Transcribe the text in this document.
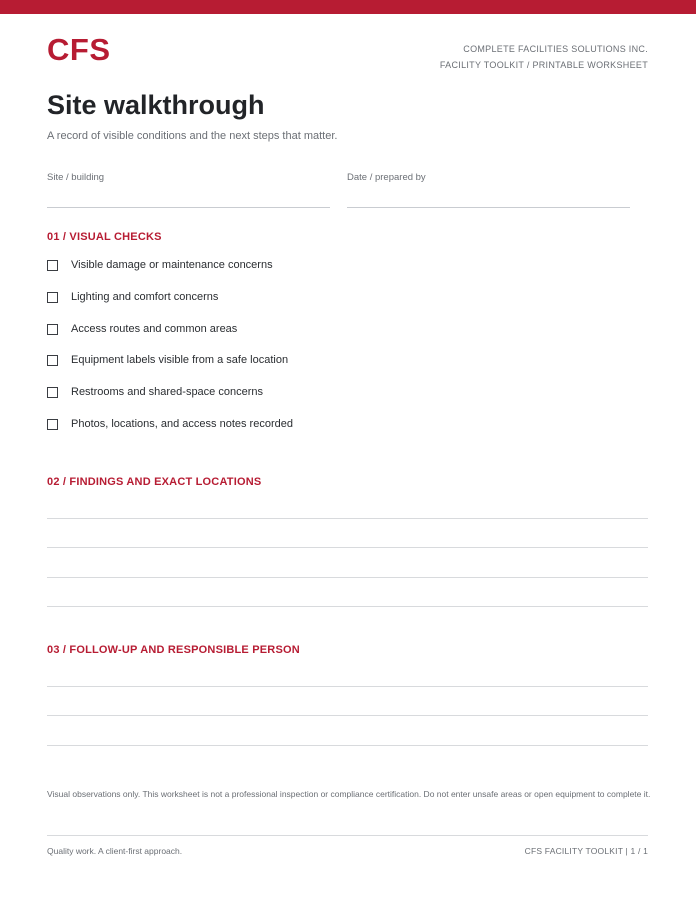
CFS	COMPLETE FACILITIES SOLUTIONS INC.
FACILITY TOOLKIT / PRINTABLE WORKSHEET
Site walkthrough
A record of visible conditions and the next steps that matter.
Site / building	Date / prepared by
01 / VISUAL CHECKS
Visible damage or maintenance concerns
Lighting and comfort concerns
Access routes and common areas
Equipment labels visible from a safe location
Restrooms and shared-space concerns
Photos, locations, and access notes recorded
02 / FINDINGS AND EXACT LOCATIONS
03 / FOLLOW-UP AND RESPONSIBLE PERSON
Visual observations only. This worksheet is not a professional inspection or compliance certification. Do not enter unsafe areas or open equipment to complete it.
Quality work. A client-first approach.	CFS FACILITY TOOLKIT | 1 / 1
